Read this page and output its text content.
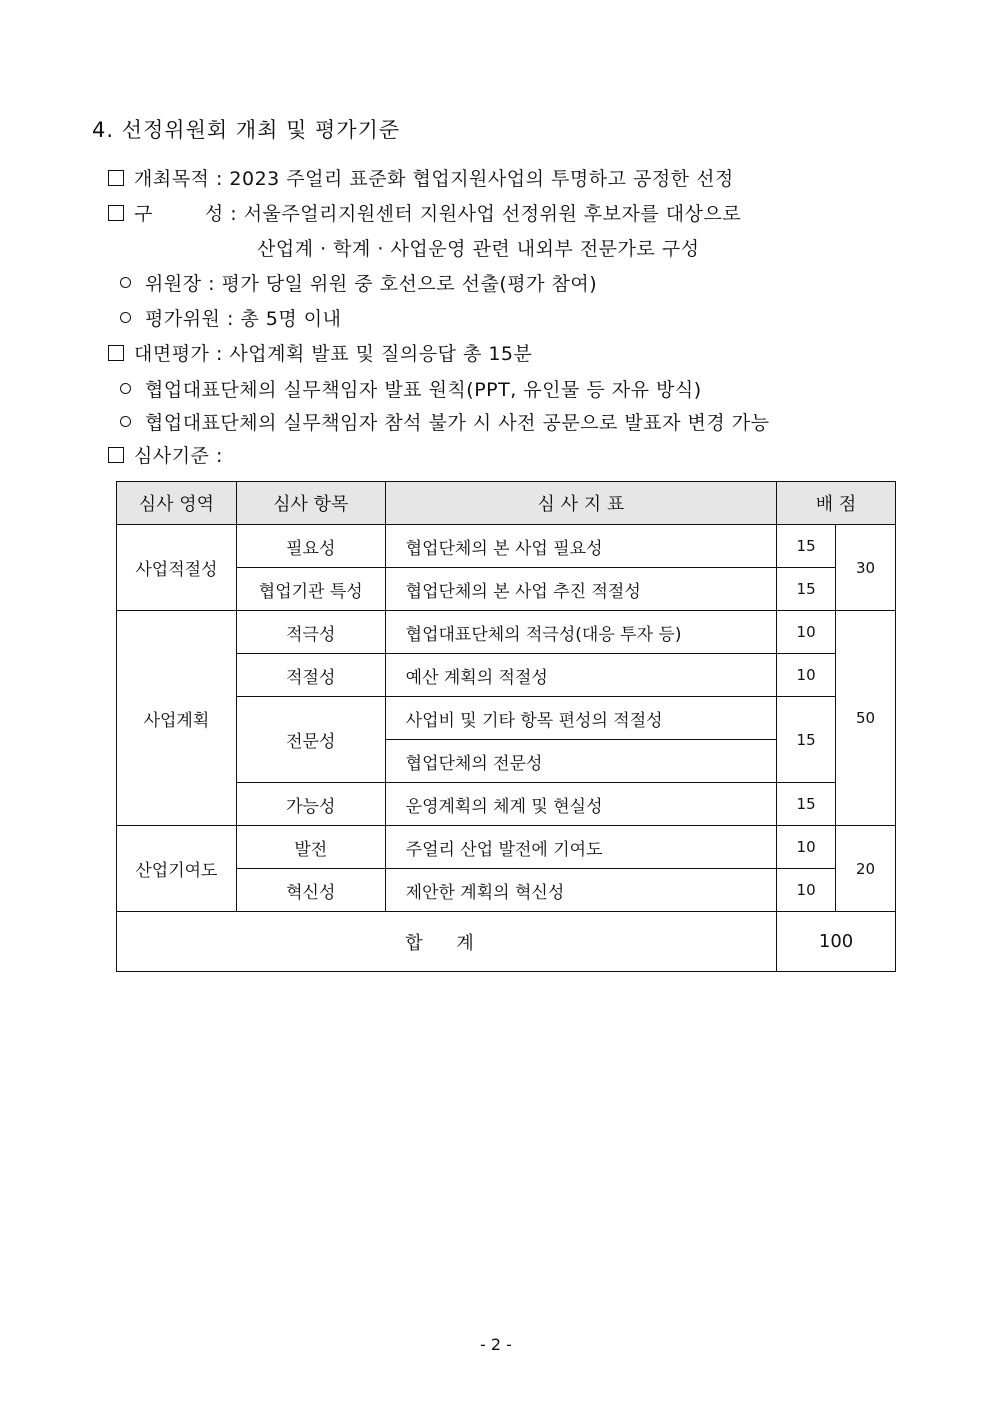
4. 선정위원회 개최 및 평가기준
개최목적 : 2023 주얼리 표준화 협업지원사업의 투명하고 공정한 선정
구	성 : 서울주얼리지원센터 지원사업 선정위원 후보자를 대상으로
산업계 · 학계 · 사업운영 관련 내외부 전문가로 구성
위원장 : 평가 당일 위원 중 호선으로 선출(평가 참여)
평가위원 : 총 5명 이내
대면평가 : 사업계획 발표 및 질의응답 총 15분
협업대표단체의 실무책임자 발표 원칙(PPT, 유인물 등 자유 방식)
협업대표단체의 실무책임자 참석 불가 시 사전 공문으로 발표자 변경 가능
심사기준 :
심사 영역	심사 항목	심 사 지 표	배 점	
사업적절성	필요성	협업단체의 본 사업 필요성	15	30
	협업기관 특성	협업단체의 본 사업 추진 적절성	15	
사업계획	적극성	협업대표단체의 적극성(대응 투자 등)	10	50
	적절성	예산 계획의 적절성	10	
	전문성	사업비 및 기타 항목 편성의 적절성	15	
		협업단체의 전문성		
	가능성	운영계획의 체계 및 현실성	15	
산업기여도	발전	주얼리 산업 발전에 기여도	10	20
	혁신성	제안한 계획의 혁신성	10	
합 계			100	
- 2 -
